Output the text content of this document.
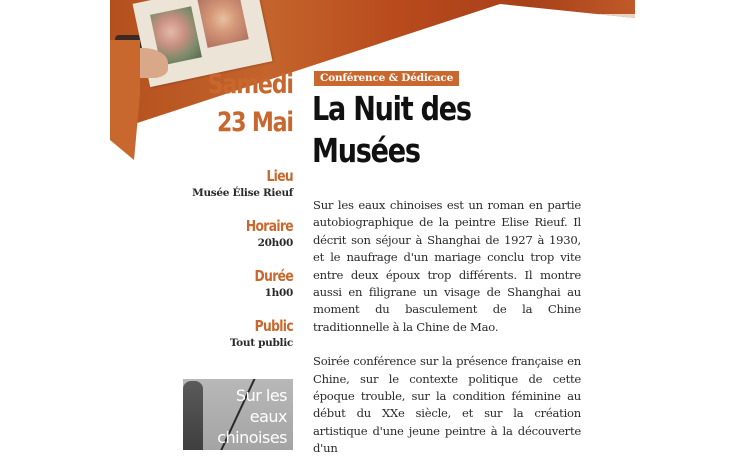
Samedi
23 Mai
Lieu
Musée Élise Rieuf
Horaire
20h00
Durée
1h00
Public
Tout public
Sur les
eaux
chinoises
Conférence & Dédicace
La Nuit des
Musées

Sur les eaux chinoises est un roman en partie autobiographique de la peintre Elise Rieuf. Il décrit son séjour à Shanghai de 1927 à 1930, et le naufrage d'un mariage conclu trop vite entre deux époux trop différents. Il montre aussi en filigrane un visage de Shanghai au moment du basculement de la Chine traditionnelle à la Chine de Mao.

Soirée conférence sur la présence française en Chine, sur le contexte politique de cette époque trouble, sur la condition féminine au début du XXe siècle, et sur la création artistique d'une jeune peintre à la découverte d'un
